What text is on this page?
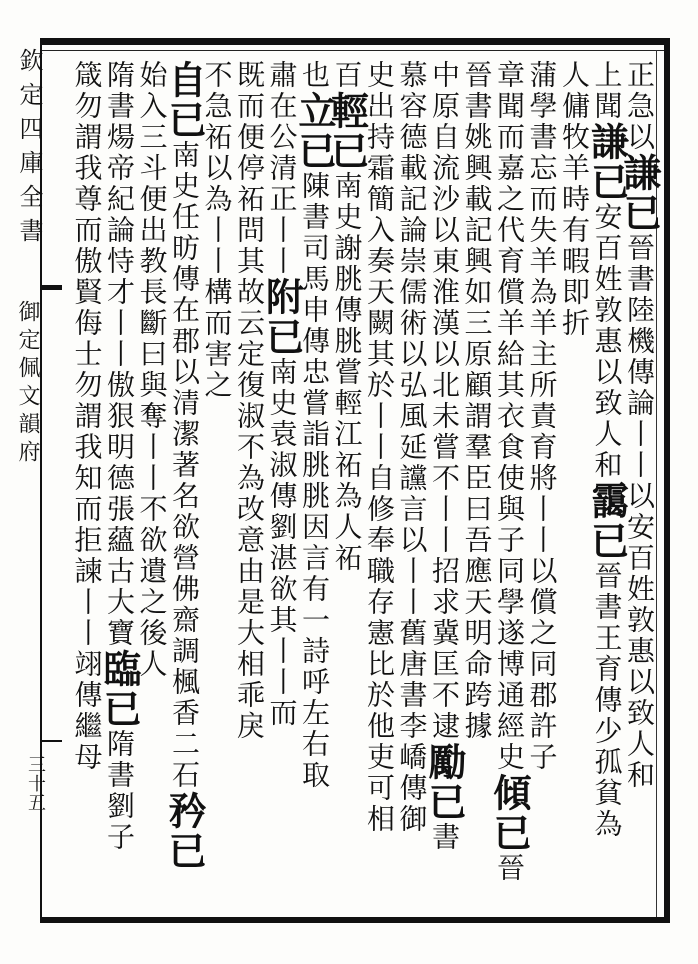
欽定四庫全書
御定佩文韻府
三十五
正急以謙已晉書陸機傳論丨丨以安百姓敦惠以致人和
上聞謙已安百姓敦惠以致人和靄已晉書王育傳少孤貧為
人傭牧羊時有暇即折
蒲學書忘而失羊為羊主所責育將丨丨以償之同郡許子
章聞而嘉之代育償羊給其衣食使與子同學遂博通經史傾已晉
晉書姚興載記興如三原顧謂羣臣曰吾應天明命跨據
中原自流沙以東淮漢以北未嘗不丨丨招求冀匡不逮勵已書
慕容德載記論崇儒術以弘風延讜言以丨丨舊唐書李嶠傳御
史出持霜簡入奏天闕其於丨丨自修奉職存憲比於他吏可相
百輕已南史謝朓傳朓嘗輕江祏為人祏
也立已陳書司馬申傳忠嘗詣朓朓因言有一詩呼左右取
肅在公清正丨丨附已南史袁淑傳劉湛欲其丨丨而
既而便停祏問其故云定復淑不為改意由是大相乖戾
不急祏以為丨丨構而害之
自已南史任昉傳在郡以清潔著名欲營佛齋調楓香二石矜已
始入三斗便出教長斷曰與奪丨丨不欲遺之後人
隋書煬帝紀論恃才丨丨傲狠明德張蘊古大寶臨已隋書劉子
箴勿謂我尊而傲賢侮士勿謂我知而拒諫丨丨翊傳繼母
